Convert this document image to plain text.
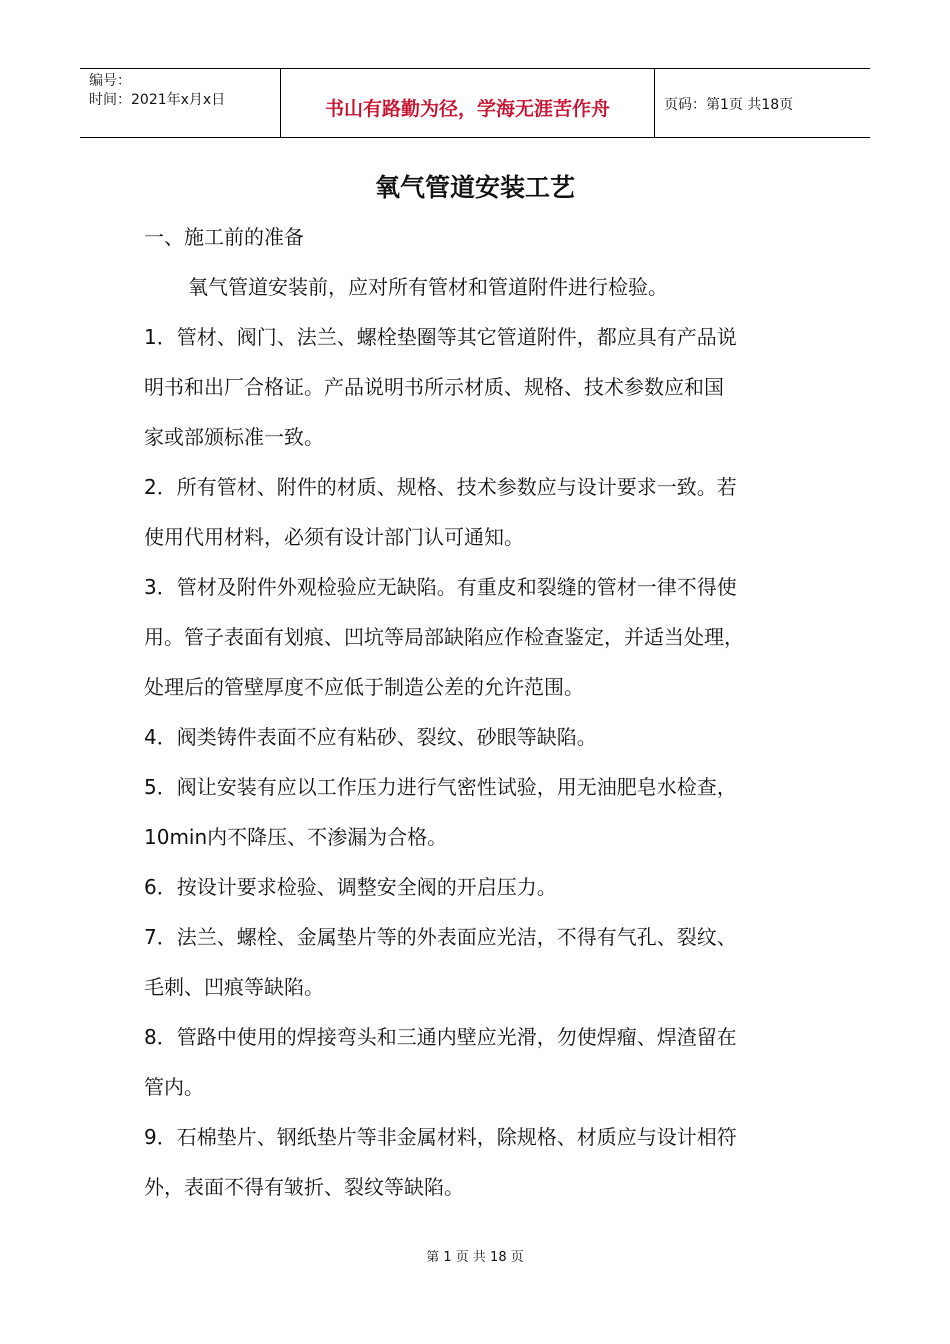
编号：
时间：2021年x月x日	书山有路勤为径，学海无涯苦作舟	页码：第1页 共18页
氧气管道安装工艺
一、施工前的准备
氧气管道安装前，应对所有管材和管道附件进行检验。
1．管材、阀门、法兰、螺栓垫圈等其它管道附件，都应具有产品说
明书和出厂合格证。产品说明书所示材质、规格、技术参数应和国
家或部颁标准一致。
2．所有管材、附件的材质、规格、技术参数应与设计要求一致。若
使用代用材料，必须有设计部门认可通知。
3．管材及附件外观检验应无缺陷。有重皮和裂缝的管材一律不得使
用。管子表面有划痕、凹坑等局部缺陷应作检查鉴定，并适当处理，
处理后的管壁厚度不应低于制造公差的允许范围。
4．阀类铸件表面不应有粘砂、裂纹、砂眼等缺陷。
5．阀让安装有应以工作压力进行气密性试验，用无油肥皂水检查，
10min内不降压、不渗漏为合格。
6．按设计要求检验、调整安全阀的开启压力。
7．法兰、螺栓、金属垫片等的外表面应光洁，不得有气孔、裂纹、
毛刺、凹痕等缺陷。
8．管路中使用的焊接弯头和三通内壁应光滑，勿使焊瘤、焊渣留在
管内。
9．石棉垫片、钢纸垫片等非金属材料，除规格、材质应与设计相符
外，表面不得有皱折、裂纹等缺陷。
第 1 页 共 18 页
